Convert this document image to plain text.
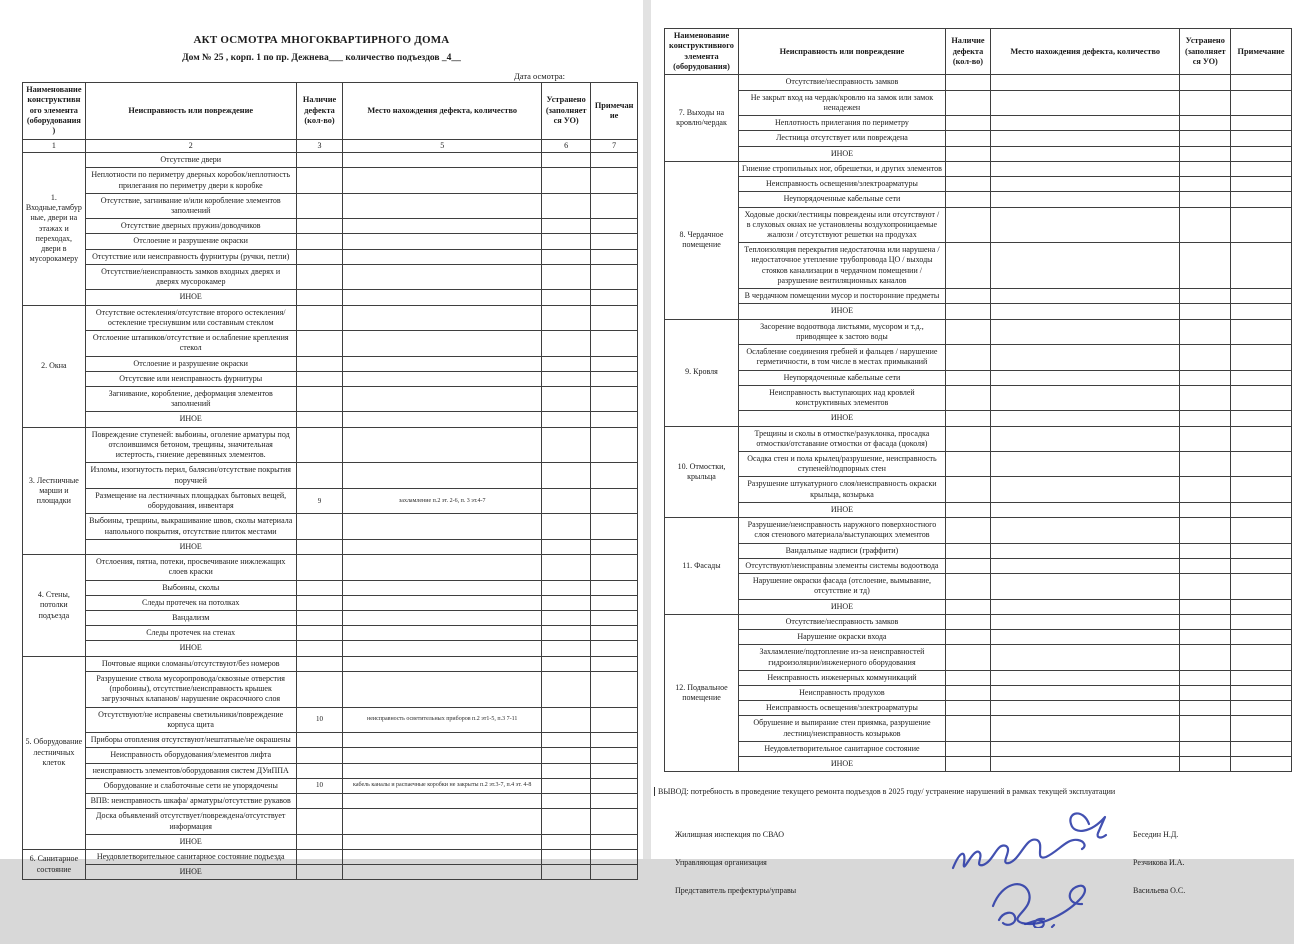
АКТ ОСМОТРА МНОГОКВАРТИРНОГО ДОМА
Дом № 25 , корп. 1 по пр. Дежнева___ количество подъездов _4__
Дата осмотра:
Наименование конструктивного элемента (оборудования)	Неисправность или повреждение	Наличие дефекта (кол-во)	Место нахождения дефекта, количество	Устранено (заполняется УО)	Примечание
1	2	3	5	6	7
1. Входные,тамбурные, двери на этажах и переходах, двери в мусорокамеру	Отсутствие двери				
	Неплотности по периметру дверных коробок/неплотность прилегания по периметру двери к коробке				
	Отсутствие, загнивание и/или коробление элементов заполнений				
	Отсутствие дверных пружин/доводчиков				
	Отслоение и разрушение окраски				
	Отсутствие или неисправность фурнитуры (ручки, петли)				
	Отсутствие/неисправность замков входных дверях и дверях мусорокамер				
	ИНОЕ				
2. Окна	Отсутствие остекления/отсутствие второго остекления/остекление треснувшим или составным стеклом				
	Отслоение штапиков/отсутствие и ослабление крепления стекол				
	Отслоение и разрушение окраски				
	Отсутсвие или неисправность фурнитуры				
	Загнивание, коробление, деформация элементов заполнений				
	ИНОЕ				
3. Лестничные марши и площадки	Повреждение ступеней: выбоины, оголение арматуры под отслоившимся бетоном, трещины, значительная истертость, гниение деревянных элементов.				
	Изломы, изогнутость перил, балясин/отсутствие покрытия поручней				
	Размещение на лестничных площадках бытовых вещей, оборудования, инвентаря	9	захламление п.2 эт. 2-6, п. 3 эт.4-7		
	Выбоины, трещины, выкрашивание швов, сколы материала напольного покрытия, отсутствие плиток местами				
	ИНОЕ				
4. Стены, потолки подъезда	Отслоения, пятна, потеки, просвечивание нижлежащих слоев краски				
	Выбоины, сколы				
	Следы протечек на потолках				
	Вандализм				
	Следы протечек на стенах				
	ИНОЕ				
5. Оборудование лестничных клеток	Почтовые ящики сломаны/отсутствуют/без номеров				
	Разрушение ствола мусоропровода/сквозные отверстия (пробоины), отсутствие/неисправность крышек загрузочных клапанов/ нарушение окрасочного слоя				
	Отсутствуют/не исправены светильники/повреждение корпуса щита	10	неисправность осветительных приборов п.2 эт1-5, п.3 7-11		
	Приборы отопления отсутствуют/нештатные/не окрашены				
	Неисправность оборудования/элементов лифта				
	неисправность элементов/оборудования систем ДУиППА				
	Оборудование и слаботочные сети не упорядочены	10	кабель каналы и распаечные коробки не закрыты п.2 эт.3-7, п.4 эт. 4-8		
	ВПВ: неисправность шкафа/ арматуры/отсутствие рукавов				
	Доска объявлений отсутствует/повреждена/отсутствует информация				
	ИНОЕ				
6. Санитарное состояние	Неудовлетворительное санитарное состояние подъезда				
	ИНОЕ				
Наименование конструктивного элемента (оборудования)	Неисправность или повреждение	Наличие дефекта (кол-во)	Место нахождения дефекта, количество	Устранено (заполняется УО)	Примечание
7. Выходы на кровлю/чердак	Отсутствие/несправность замков				
	Не закрыт вход на чердак/кровлю на замок или замок ненадежен				
	Неплотность прилегания по периметру				
	Лестница отсутствует или повреждена				
	ИНОЕ				
8. Чердачное помещение	Гниение стропильных ног, обрешетки, и других элементов				
	Неисправность освещения/электроарматуры				
	Неупорядоченные кабельные сети				
	Ходовые доски/лестницы повреждены или отсутствуют / в слуховых окнах не установлены воздухопроницаемые жалюзи / отсутствуют решетки на продухах				
	Теплоизоляция перекрытия недостаточна или нарушена / недостаточное утепление трубопровода ЦО / выходы стояков канализации в чердачном помещении / разрушение вентиляционных каналов				
	В чердачном помещении мусор и посторонние предметы				
	ИНОЕ				
9. Кровля	Засорение водоотвода листьями, мусором и т.д., приводящее к застою воды				
	Ослабление соединения гребней и фальцев / нарушение герметичности, в том числе в местах примыканий				
	Неупорядоченные кабельные сети				
	Неисправность выступающих над кровлей конструктивных элементов				
	ИНОЕ				
10. Отмостки, крыльца	Трещины и сколы в отмостке/разуклонка, просадка отмостки/отставание отмостки от фасада (цоколя)				
	Осадка стен и пола крылец/разрушение, неисправность ступеней/подпорных стен				
	Разрушение штукатурного слоя/неисправность окраски крыльца, козырька				
	ИНОЕ				
11. Фасады	Разрушение/неисправность наружного поверхностного слоя стенового материала/выступающих элементов				
	Вандальные надписи (граффити)				
	Отсутствуют/неисправны элементы системы водоотвода				
	Нарушение окраски фасада (отслоение, вымывание, отсутствие и тд)				
	ИНОЕ				
12. Подвальное помещение	Отсутствие/несправность замков				
	Нарушение окраски входа				
	Захламление/подтопление из-за неисправностей гидроизоляции/инженерного оборудования				
	Неисправность инженерных коммуникаций				
	Неисправность продухов				
	Неисправность освещения/электроарматуры				
	Обрушение и выпирание стен приямка, разрушение лестниц/неисправность козырьков				
	Неудовлетворительное санитарное состояние				
	ИНОЕ				
ВЫВОД: потребность в проведение текущего ремонта подъездов в 2025 году/ устранение нарушений в рамках текущей эксплуатации
Жилищная инспекция по СВАО	Беседин Н.Д.
Управляющая организация	Резчикова И.А.
Представитель префектуры/управы	Васильева О.С.
